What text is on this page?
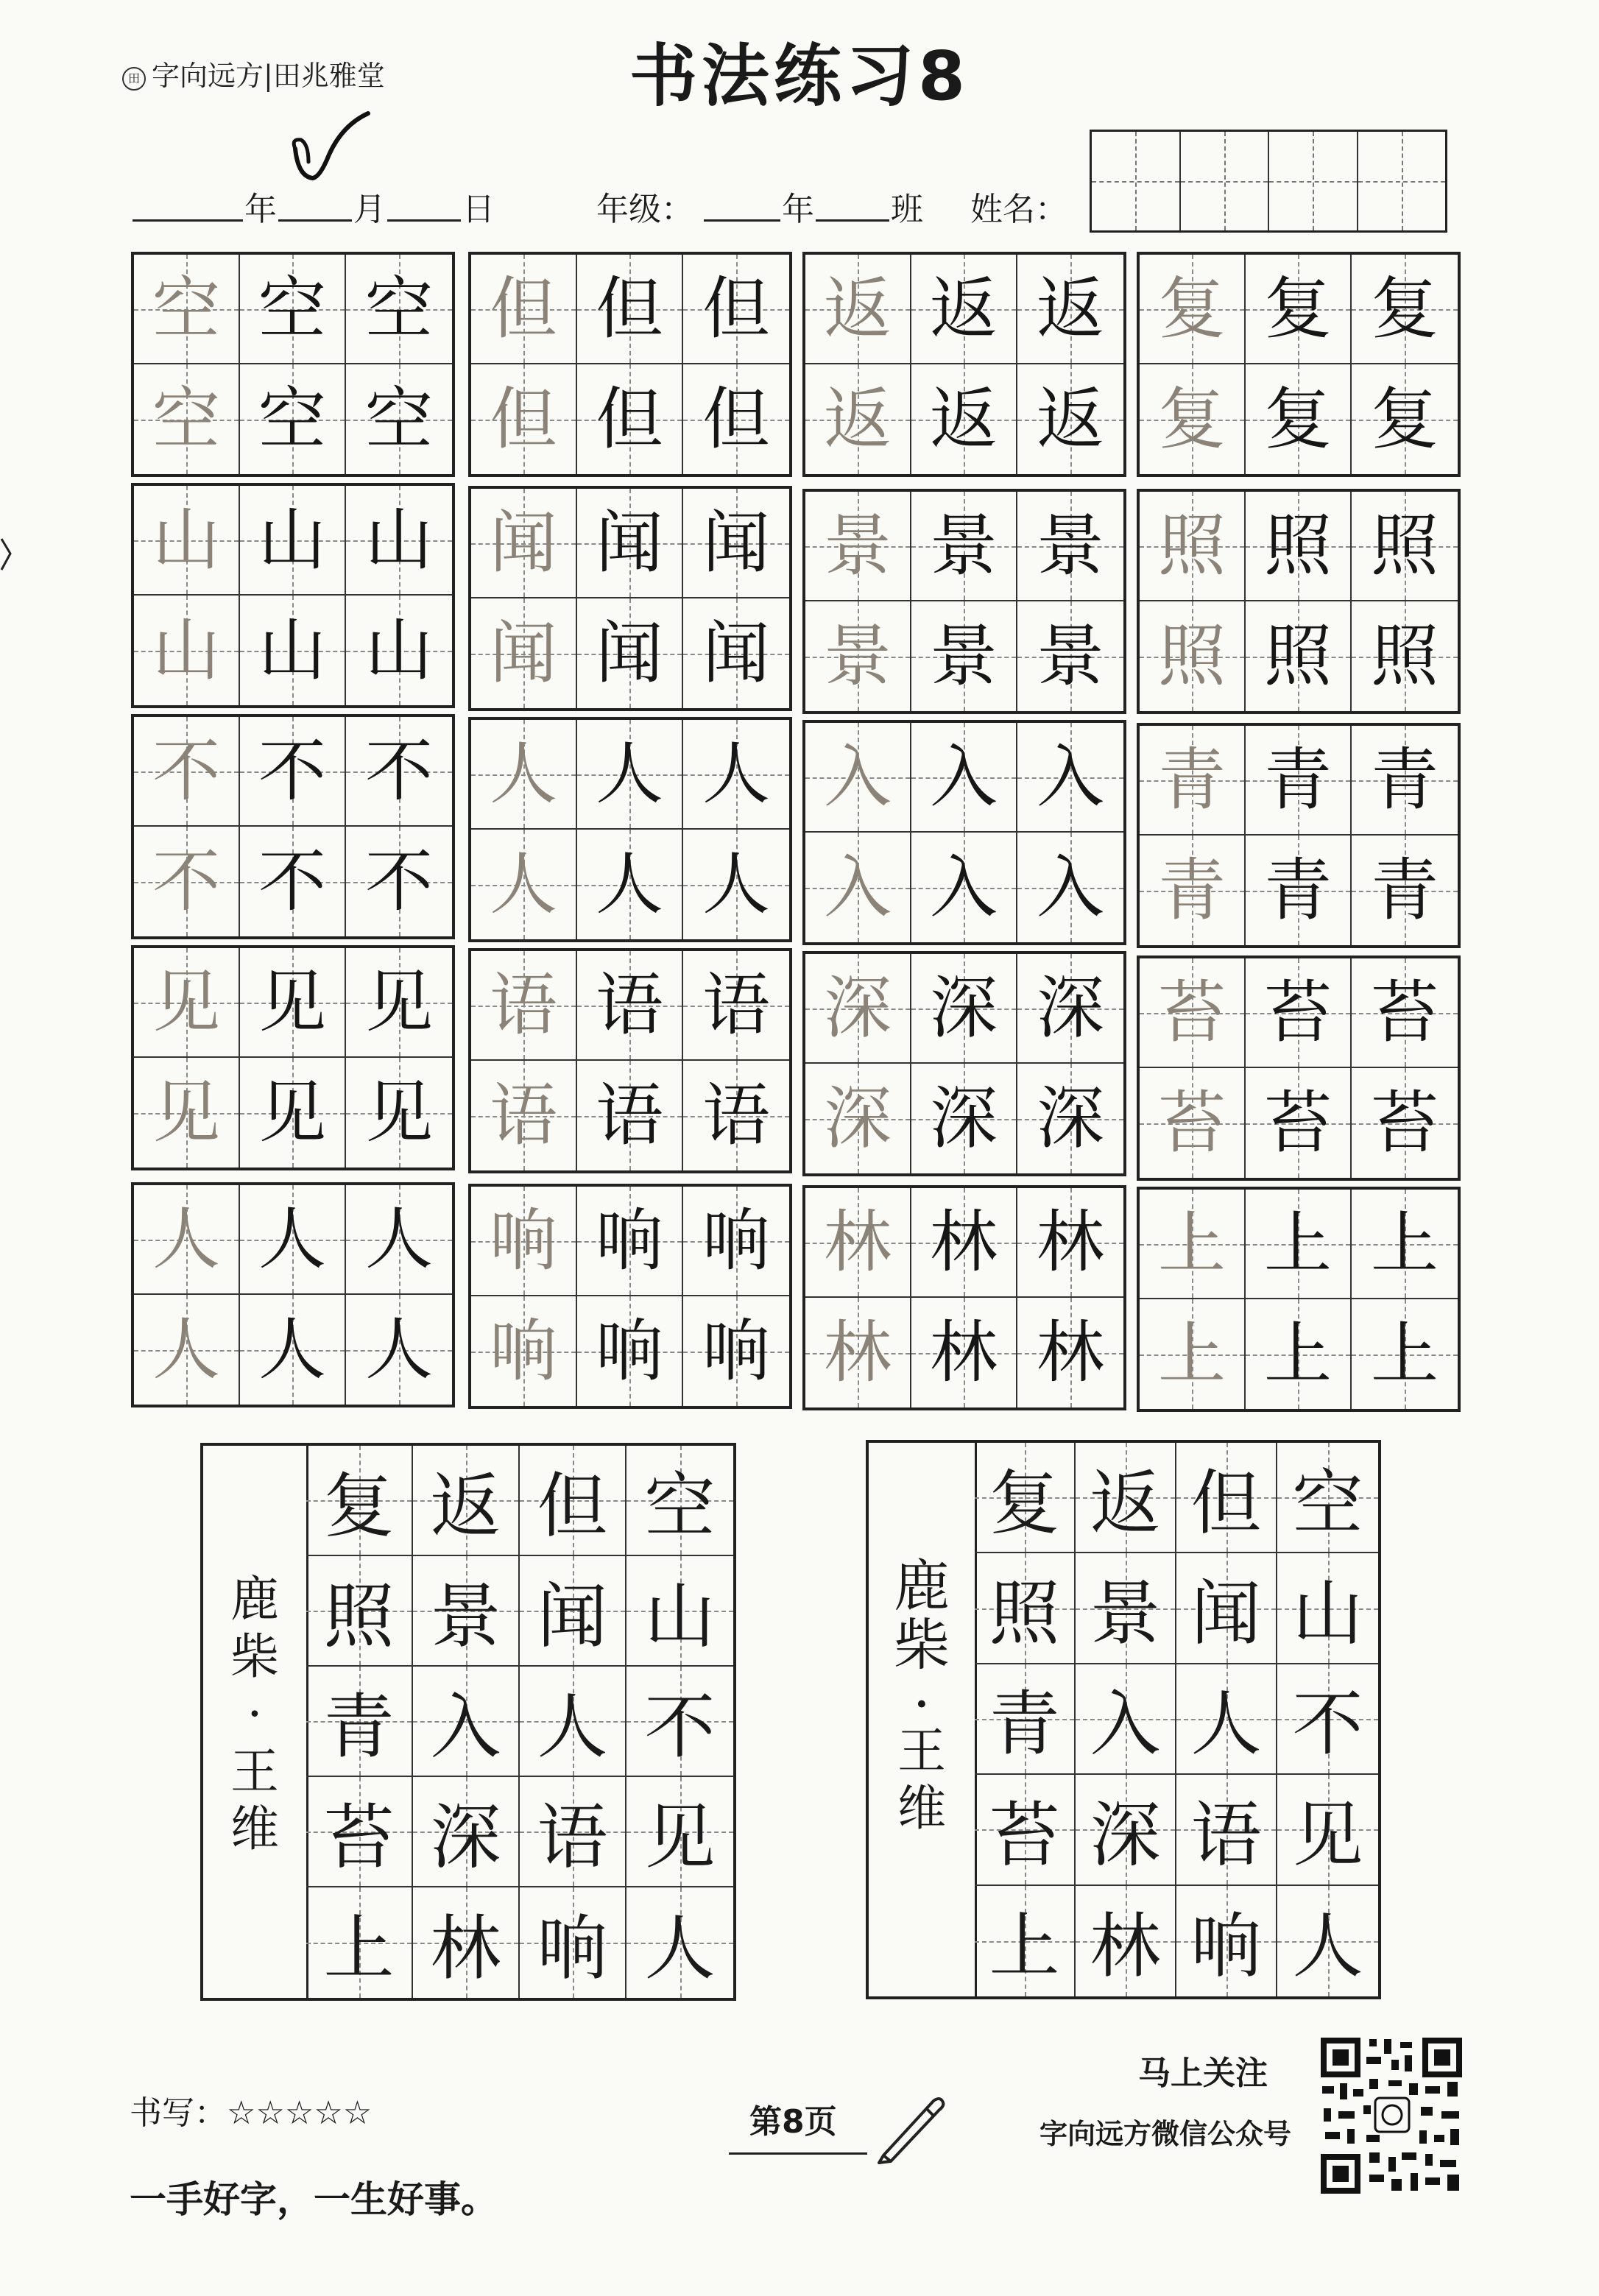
田 字向远方|田兆雅堂	书法练习8
年 月 日	年级：	年 班 姓名：
空 空 空
空 空 空
但 但 但
但 但 但
返 返 返
返 返 返
复 复 复
复 复 复
山 山 山
山 山 山
闻 闻 闻
闻 闻 闻
景 景 景
景 景 景
照 照 照
照 照 照
不 不 不
不 不 不
人 人 人
人 人 人
入 入 入
入 入 入
青 青 青
青 青 青
见 见 见
见 见 见
语 语 语
语 语 语
深 深 深
深 深 深
苔 苔 苔
苔 苔 苔
人 人 人
人 人 人
响 响 响
响 响 响
林 林 林
林 林 林
上 上 上
上 上 上
鹿
柴
·
王
维
复 返 但 空
照 景 闻 山
青 入 人 不
苔 深 语 见
上 林 响 人
鹿
柴
·
王
维
复 返 但 空
照 景 闻 山
青 入 人 不
苔 深 语 见
上 林 响 人
书写：☆☆☆☆☆
一手好字，一生好事。
第8页
马上关注
字向远方微信公众号
